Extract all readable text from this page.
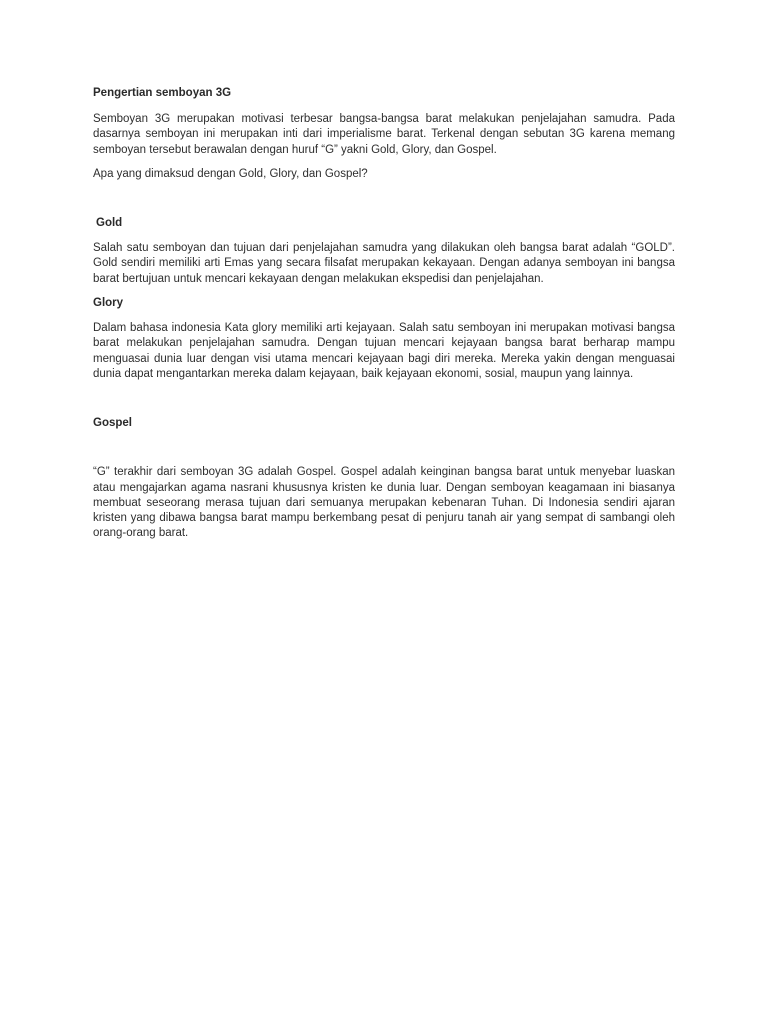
Pengertian semboyan 3G

Semboyan 3G merupakan motivasi terbesar bangsa-bangsa barat melakukan penjelajahan samudra. Pada dasarnya semboyan ini merupakan inti dari imperialisme barat. Terkenal dengan sebutan 3G karena memang semboyan tersebut berawalan dengan huruf “G” yakni Gold, Glory, dan Gospel.

Apa yang dimaksud dengan Gold, Glory, dan Gospel?

Gold

Salah satu semboyan dan tujuan dari penjelajahan samudra yang dilakukan oleh bangsa barat adalah “GOLD”. Gold sendiri memiliki arti Emas yang secara filsafat merupakan kekayaan. Dengan adanya semboyan ini bangsa barat bertujuan untuk mencari kekayaan dengan melakukan ekspedisi dan penjelajahan.

Glory

Dalam bahasa indonesia Kata glory memiliki arti kejayaan. Salah satu semboyan ini merupakan motivasi bangsa barat melakukan penjelajahan samudra. Dengan tujuan mencari kejayaan bangsa barat berharap mampu menguasai dunia luar dengan visi utama mencari kejayaan bagi diri mereka. Mereka yakin dengan menguasai dunia dapat mengantarkan mereka dalam kejayaan, baik kejayaan ekonomi, sosial, maupun yang lainnya.

Gospel

“G” terakhir dari semboyan 3G adalah Gospel. Gospel adalah keinginan bangsa barat untuk menyebar luaskan atau mengajarkan agama nasrani khususnya kristen ke dunia luar. Dengan semboyan keagamaan ini biasanya membuat seseorang merasa tujuan dari semuanya merupakan kebenaran Tuhan. Di Indonesia sendiri ajaran kristen yang dibawa bangsa barat mampu berkembang pesat di penjuru tanah air yang sempat di sambangi oleh orang-orang barat.
